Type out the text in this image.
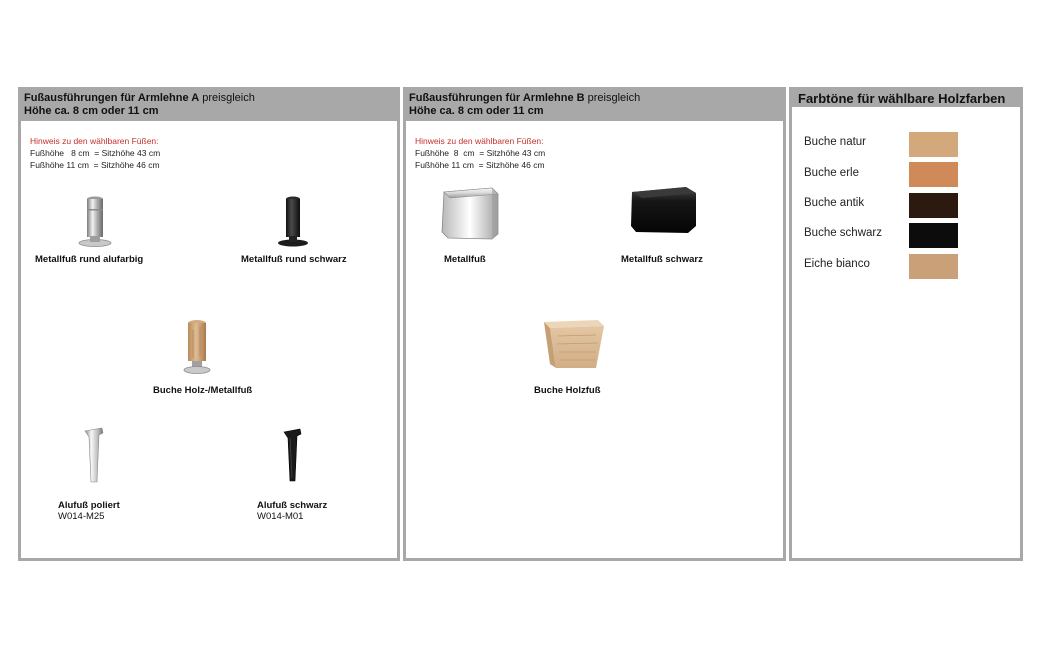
Fußausführungen für Armlehne A preisgleich
Höhe ca. 8 cm oder 11 cm
Hinweis zu den wählbaren Füßen:
Fußhöhe   8 cm  = Sitzhöhe 43 cm
Fußhöhe 11 cm  = Sitzhöhe 46 cm
Metallfuß rund alufarbig	Metallfuß rund schwarz
Buche Holz-/Metallfuß
Alufuß poliert
W014-M25
Alufuß schwarz
W014-M01
Fußausführungen für Armlehne B preisgleich
Höhe ca. 8 cm oder 11 cm
Hinweis zu den wählbaren Füßen:
Fußhöhe  8  cm  = Sitzhöhe 43 cm
Fußhöhe 11 cm  = Sitzhöhe 46 cm
Metallfuß	Metallfuß schwarz
Buche Holzfuß
Farbtöne für wählbare Holzfarben
Buche natur
Buche erle
Buche antik
Buche schwarz
Eiche bianco
